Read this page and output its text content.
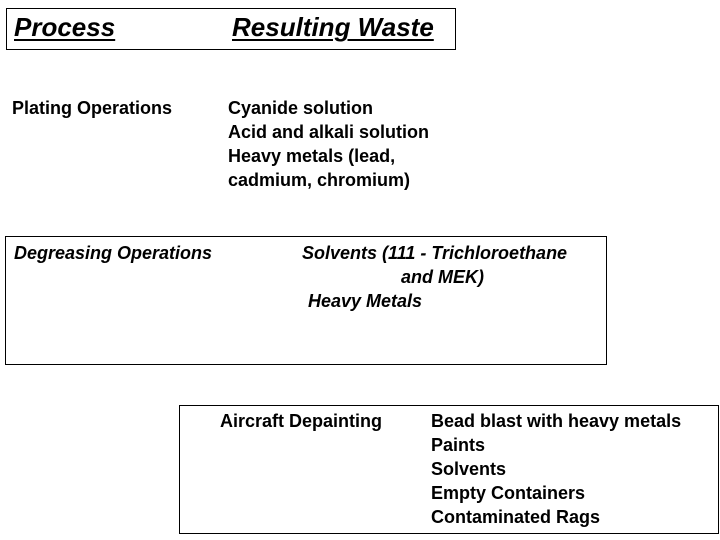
Process	Resulting Waste
Plating Operations	Cyanide solution
Acid and alkali solution
Heavy metals (lead,
cadmium, chromium)
Degreasing Operations	Solvents (111 - Trichloroethane
and MEK)
Heavy Metals
Aircraft Depainting	Bead blast with heavy metals
Paints
Solvents
Empty Containers
Contaminated Rags
